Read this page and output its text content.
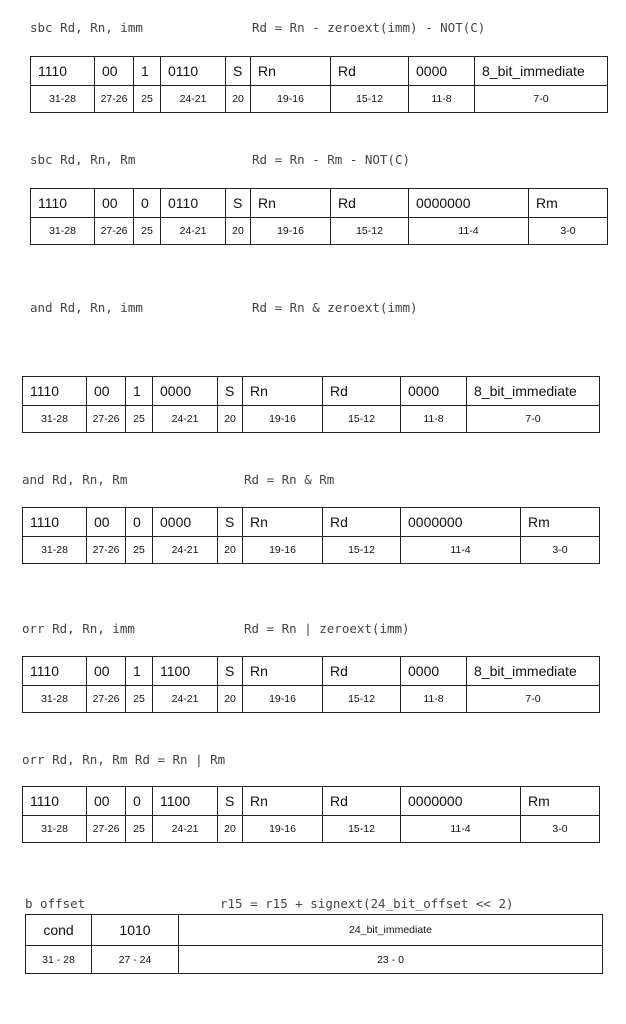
sbc Rd, Rn, imm

	Rd = Rn - zeroext(imm) - NOT(C)

1110	00	1	0110	S	Rn	Rd	0000	8_bit_immediate
31-28	27-26	25	24-21	20	19-16	15-12	11-8	7-0

sbc Rd, Rn, Rm

	Rd = Rn - Rm - NOT(C)

1110	00	0	0110	S	Rn	Rd	0000000	Rm
31-28	27-26	25	24-21	20	19-16	15-12	11-4	3-0

and Rd, Rn, imm

	Rd = Rn & zeroext(imm)

1110	00	1	0000	S	Rn	Rd	0000	8_bit_immediate
31-28	27-26	25	24-21	20	19-16	15-12	11-8	7-0

and Rd, Rn, Rm

	Rd = Rn & Rm

1110	00	0	0000	S	Rn	Rd	0000000	Rm
31-28	27-26	25	24-21	20	19-16	15-12	11-4	3-0

orr Rd, Rn, imm

	Rd = Rn | zeroext(imm)

1110	00	1	1100	S	Rn	Rd	0000	8_bit_immediate
31-28	27-26	25	24-21	20	19-16	15-12	11-8	7-0

orr Rd, Rn, Rm Rd = Rn | Rm

1110	00	0	1100	S	Rn	Rd	0000000	Rm
31-28	27-26	25	24-21	20	19-16	15-12	11-4	3-0

b offset

	r15 = r15 + signext(24_bit_offset << 2)

cond	1010	24_bit_immediate
31 - 28	27 - 24	23 - 0
